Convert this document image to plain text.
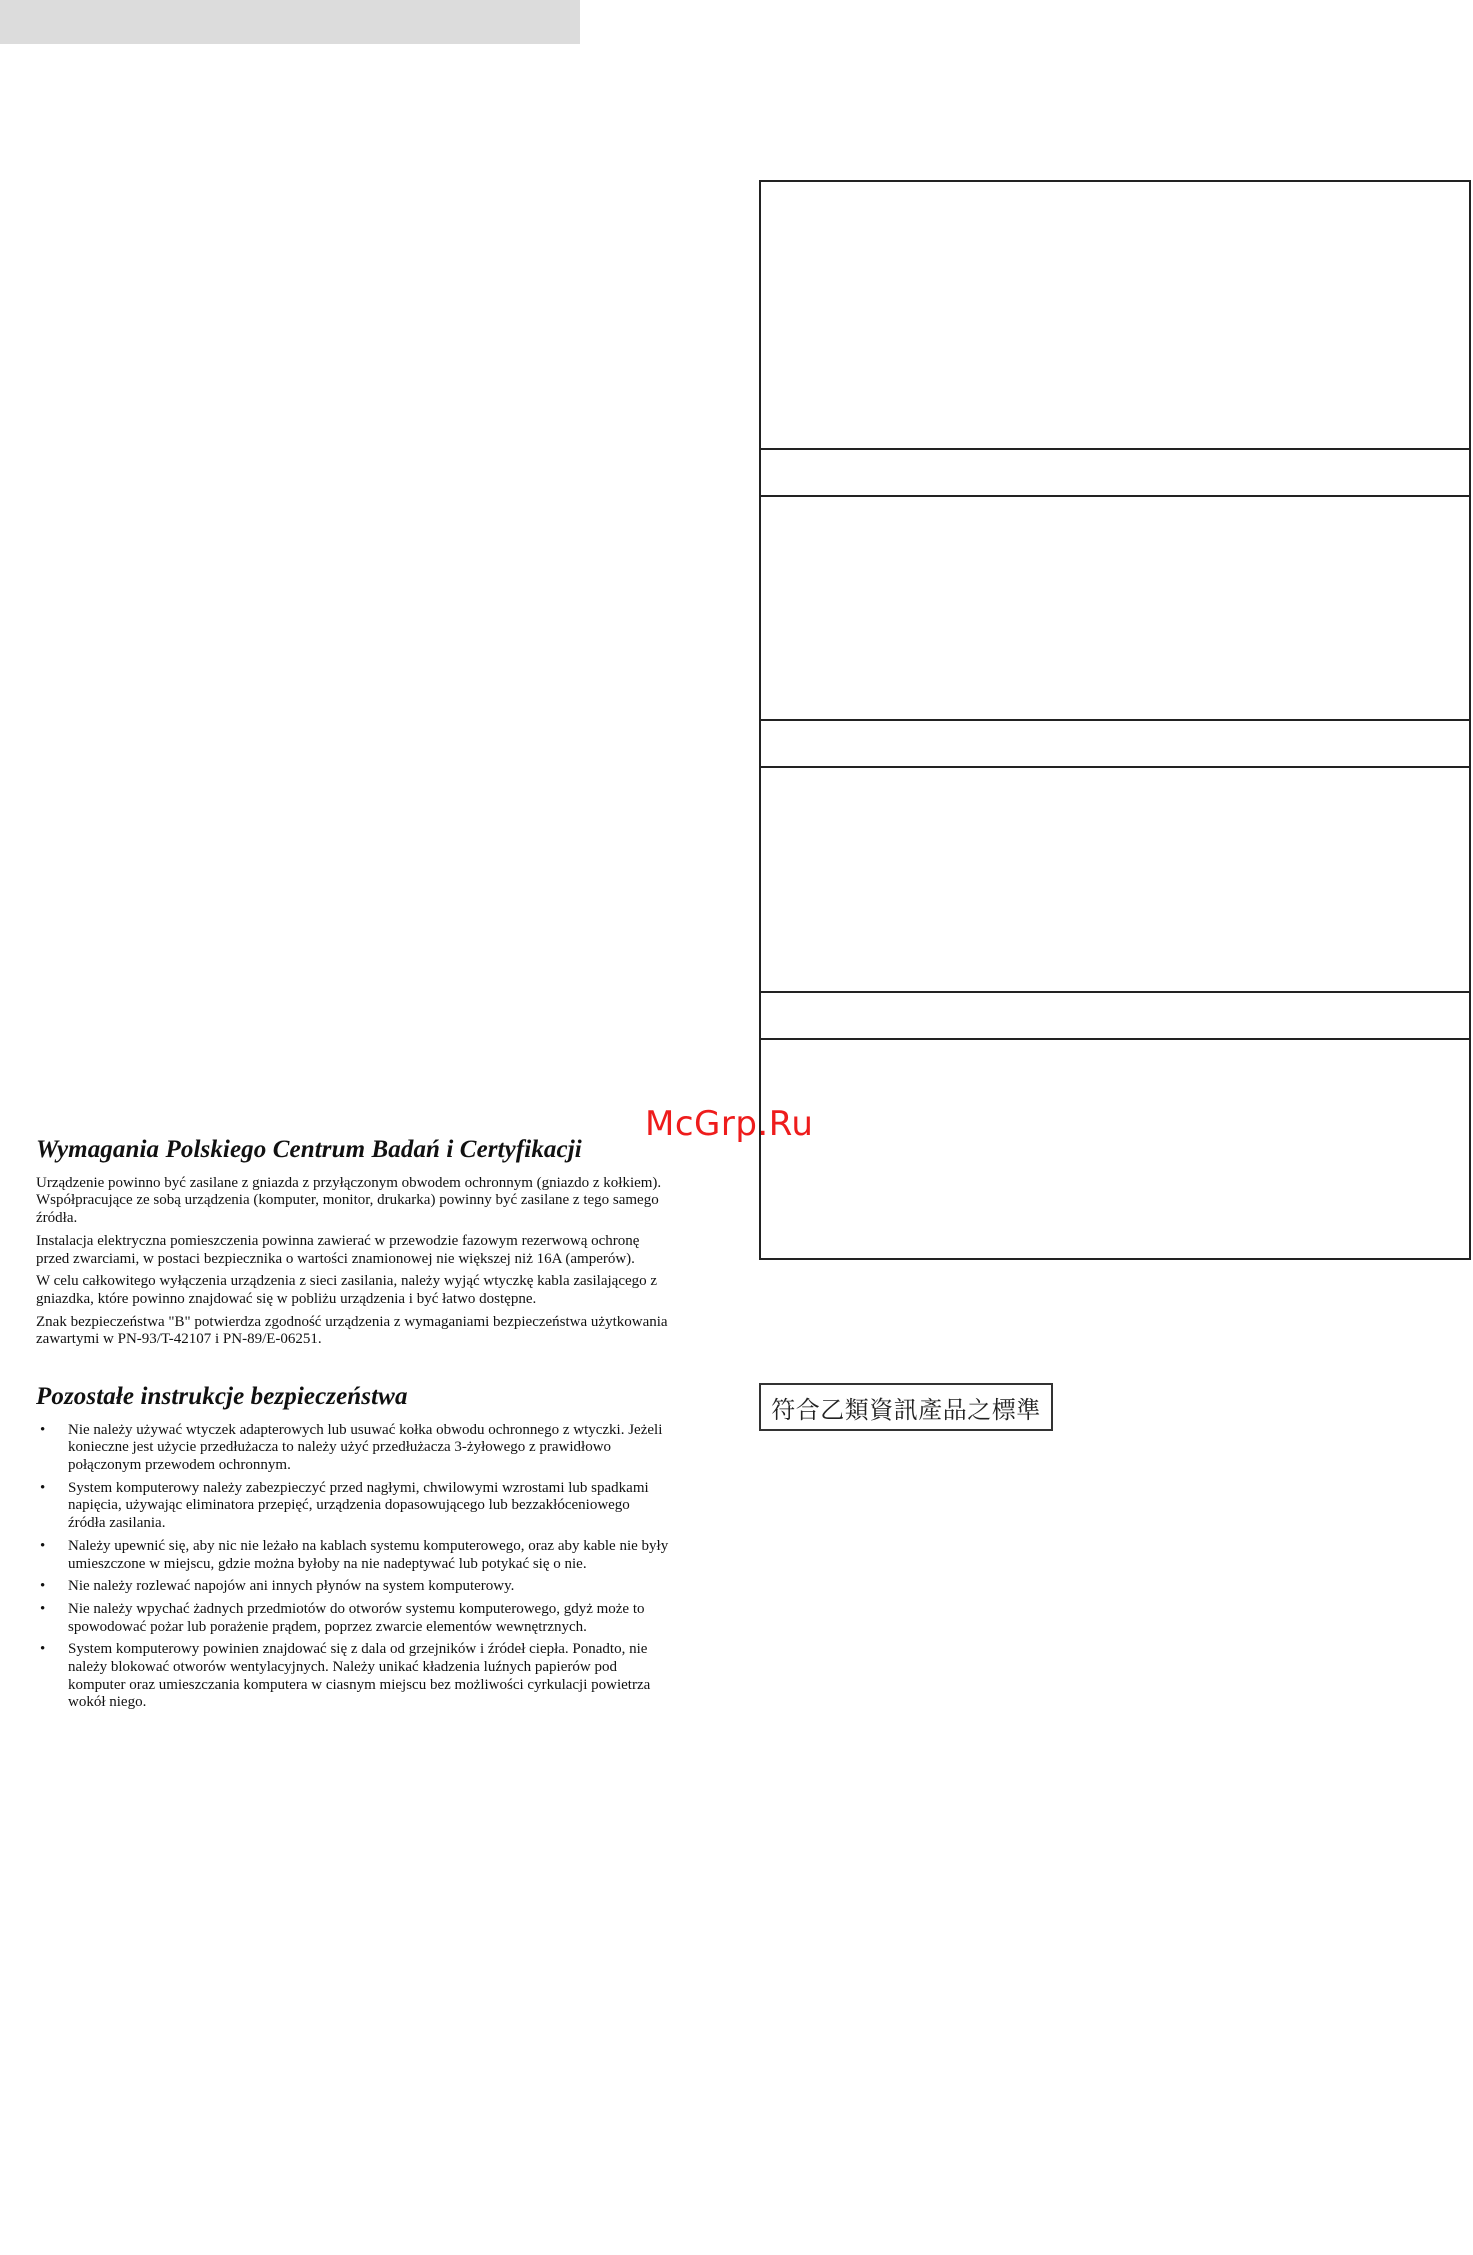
Wymagania Polskiego Centrum Badań i Certyfikacji

Urządzenie powinno być zasilane z gniazda z przyłączonym obwodem ochronnym (gniazdo z kołkiem). Współpracujące ze sobą urządzenia (komputer, monitor, drukarka) powinny być zasilane z tego samego źródła.

Instalacja elektryczna pomieszczenia powinna zawierać w przewodzie fazowym rezerwową ochronę przed zwarciami, w postaci bezpiecznika o wartości znamionowej nie większej niż 16A (amperów).

W celu całkowitego wyłączenia urządzenia z sieci zasilania, należy wyjąć wtyczkę kabla zasilającego z gniazdka, które powinno znajdować się w pobliżu urządzenia i być łatwo dostępne.

Znak bezpieczeństwa "B" potwierdza zgodność urządzenia z wymaganiami bezpieczeństwa użytkowania zawartymi w PN-93/T-42107 i PN-89/E-06251.

Pozostałe instrukcje bezpieczeństwa
• Nie należy używać wtyczek adapterowych lub usuwać kołka obwodu ochronnego z wtyczki. Jeżeli konieczne jest użycie przedłużacza to należy użyć przedłużacza 3-żyłowego z prawidłowo połączonym przewodem ochronnym.
• System komputerowy należy zabezpieczyć przed nagłymi, chwilowymi wzrostami lub spadkami napięcia, używając eliminatora przepięć, urządzenia dopasowującego lub bezzakłóceniowego źródła zasilania.
• Należy upewnić się, aby nic nie leżało na kablach systemu komputerowego, oraz aby kable nie były umieszczone w miejscu, gdzie można byłoby na nie nadeptywać lub potykać się o nie.
• Nie należy rozlewać napojów ani innych płynów na system komputerowy.
• Nie należy wpychać żadnych przedmiotów do otworów systemu komputerowego, gdyż może to spowodować pożar lub porażenie prądem, poprzez zwarcie elementów wewnętrznych.
• System komputerowy powinien znajdować się z dala od grzejników i źródeł ciepła. Ponadto, nie należy blokować otworów wentylacyjnych. Należy unikać kładzenia luźnych papierów pod komputer oraz umieszczania komputera w ciasnym miejscu bez możliwości cyrkulacji powietrza wokół niego.
McGrp.Ru
符合乙類資訊產品之標準
